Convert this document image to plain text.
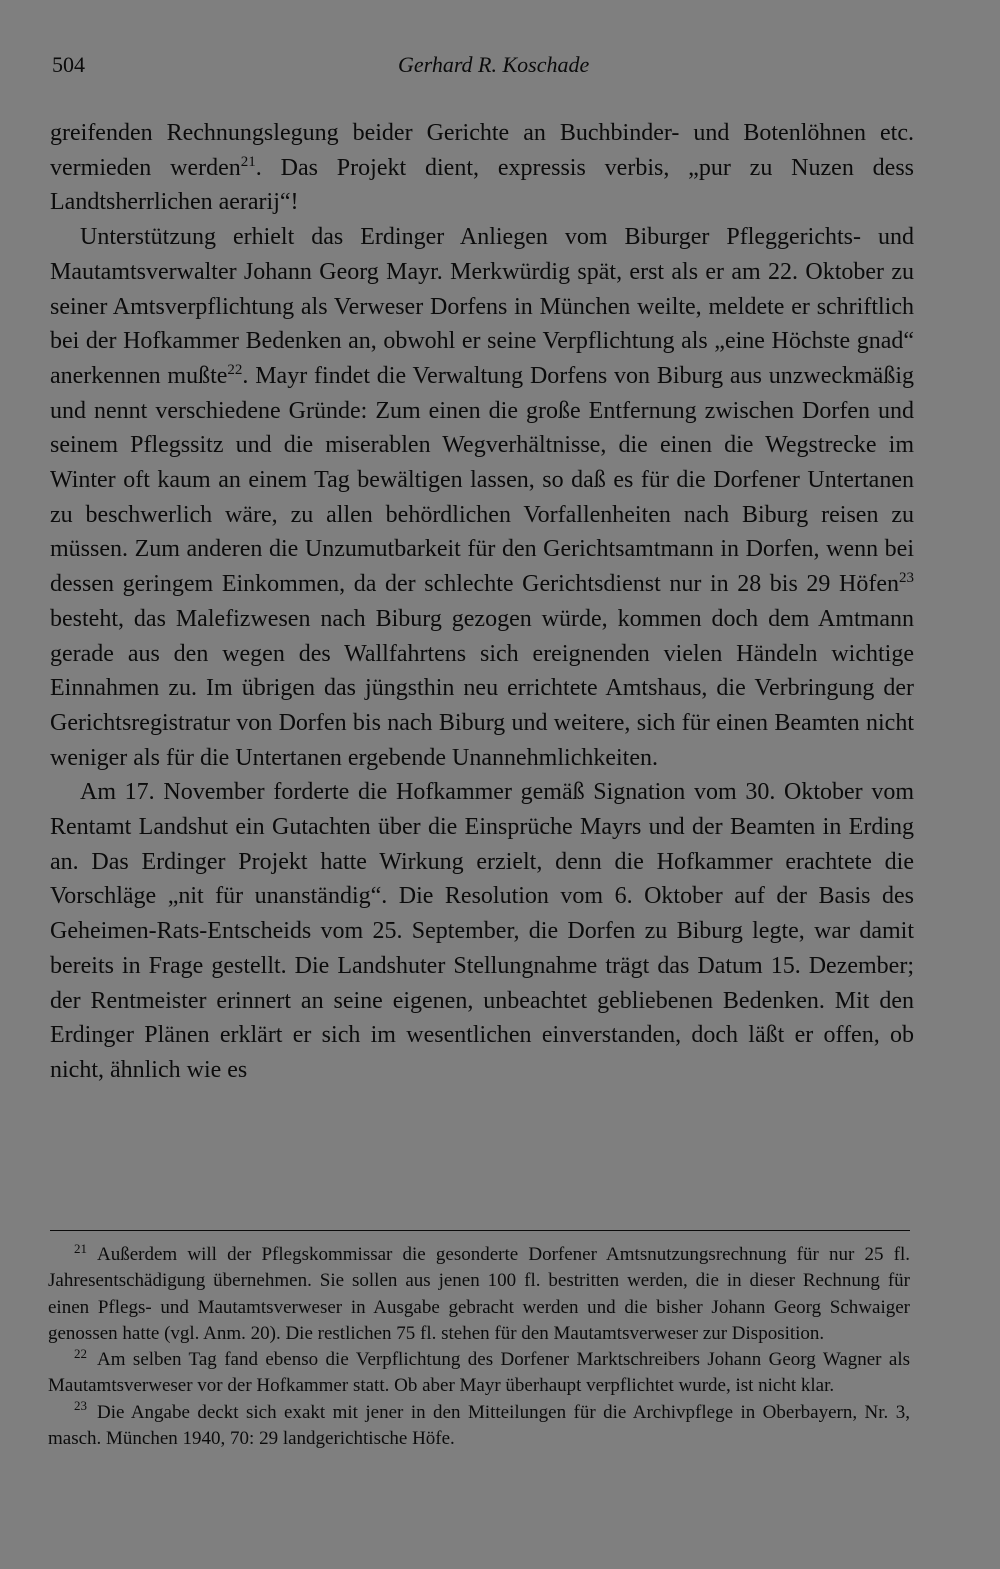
504	Gerhard R. Koschade

greifenden Rechnungslegung beider Gerichte an Buchbinder- und Botenlöhnen etc. vermieden werden$^{21}$. Das Projekt dient, expressis verbis, „pur zu Nuzen dess Landtsherrlichen aerarij“!

Unterstützung erhielt das Erdinger Anliegen vom Biburger Pfleggerichts- und Mautamtsverwalter Johann Georg Mayr. Merkwürdig spät, erst als er am 22. Oktober zu seiner Amtsverpflichtung als Verweser Dorfens in München weilte, meldete er schriftlich bei der Hofkammer Bedenken an, obwohl er seine Verpflichtung als „eine Höchste gnad“ anerkennen mußte$^{22}$. Mayr findet die Verwaltung Dorfens von Biburg aus unzweckmäßig und nennt verschiedene Gründe: Zum einen die große Entfernung zwischen Dorfen und seinem Pflegssitz und die miserablen Wegverhältnisse, die einen die Wegstrecke im Winter oft kaum an einem Tag bewältigen lassen, so daß es für die Dorfener Untertanen zu beschwerlich wäre, zu allen behördlichen Vorfallenheiten nach Biburg reisen zu müssen. Zum anderen die Unzumutbarkeit für den Gerichtsamtmann in Dorfen, wenn bei dessen geringem Einkommen, da der schlechte Gerichtsdienst nur in 28 bis 29 Höfen$^{23}$ besteht, das Malefizwesen nach Biburg gezogen würde, kommen doch dem Amtmann gerade aus den wegen des Wallfahrtens sich ereignenden vielen Händeln wichtige Einnahmen zu. Im übrigen das jüngsthin neu errichtete Amtshaus, die Verbringung der Gerichtsregistratur von Dorfen bis nach Biburg und weitere, sich für einen Beamten nicht weniger als für die Untertanen ergebende Unannehmlichkeiten.

Am 17. November forderte die Hofkammer gemäß Signation vom 30. Oktober vom Rentamt Landshut ein Gutachten über die Einsprüche Mayrs und der Beamten in Erding an. Das Erdinger Projekt hatte Wirkung erzielt, denn die Hofkammer erachtete die Vorschläge „nit für unanständig“. Die Resolution vom 6. Oktober auf der Basis des Geheimen-Rats-Entscheids vom 25. September, die Dorfen zu Biburg legte, war damit bereits in Frage gestellt. Die Landshuter Stellungnahme trägt das Datum 15. Dezember; der Rentmeister erinnert an seine eigenen, unbeachtet gebliebenen Bedenken. Mit den Erdinger Plänen erklärt er sich im wesentlichen einverstanden, doch läßt er offen, ob nicht, ähnlich wie es

$^{21}$ Außerdem will der Pflegskommissar die gesonderte Dorfener Amtsnutzungsrechnung für nur 25 fl. Jahresentschädigung übernehmen. Sie sollen aus jenen 100 fl. bestritten werden, die in dieser Rechnung für einen Pflegs- und Mautamtsverweser in Ausgabe gebracht werden und die bisher Johann Georg Schwaiger genossen hatte (vgl. Anm. 20). Die restlichen 75 fl. stehen für den Mautamtsverweser zur Disposition.

$^{22}$ Am selben Tag fand ebenso die Verpflichtung des Dorfener Marktschreibers Johann Georg Wagner als Mautamtsverweser vor der Hofkammer statt. Ob aber Mayr überhaupt verpflichtet wurde, ist nicht klar.

$^{23}$ Die Angabe deckt sich exakt mit jener in den Mitteilungen für die Archivpflege in Oberbayern, Nr. 3, masch. München 1940, 70: 29 landgerichtische Höfe.
